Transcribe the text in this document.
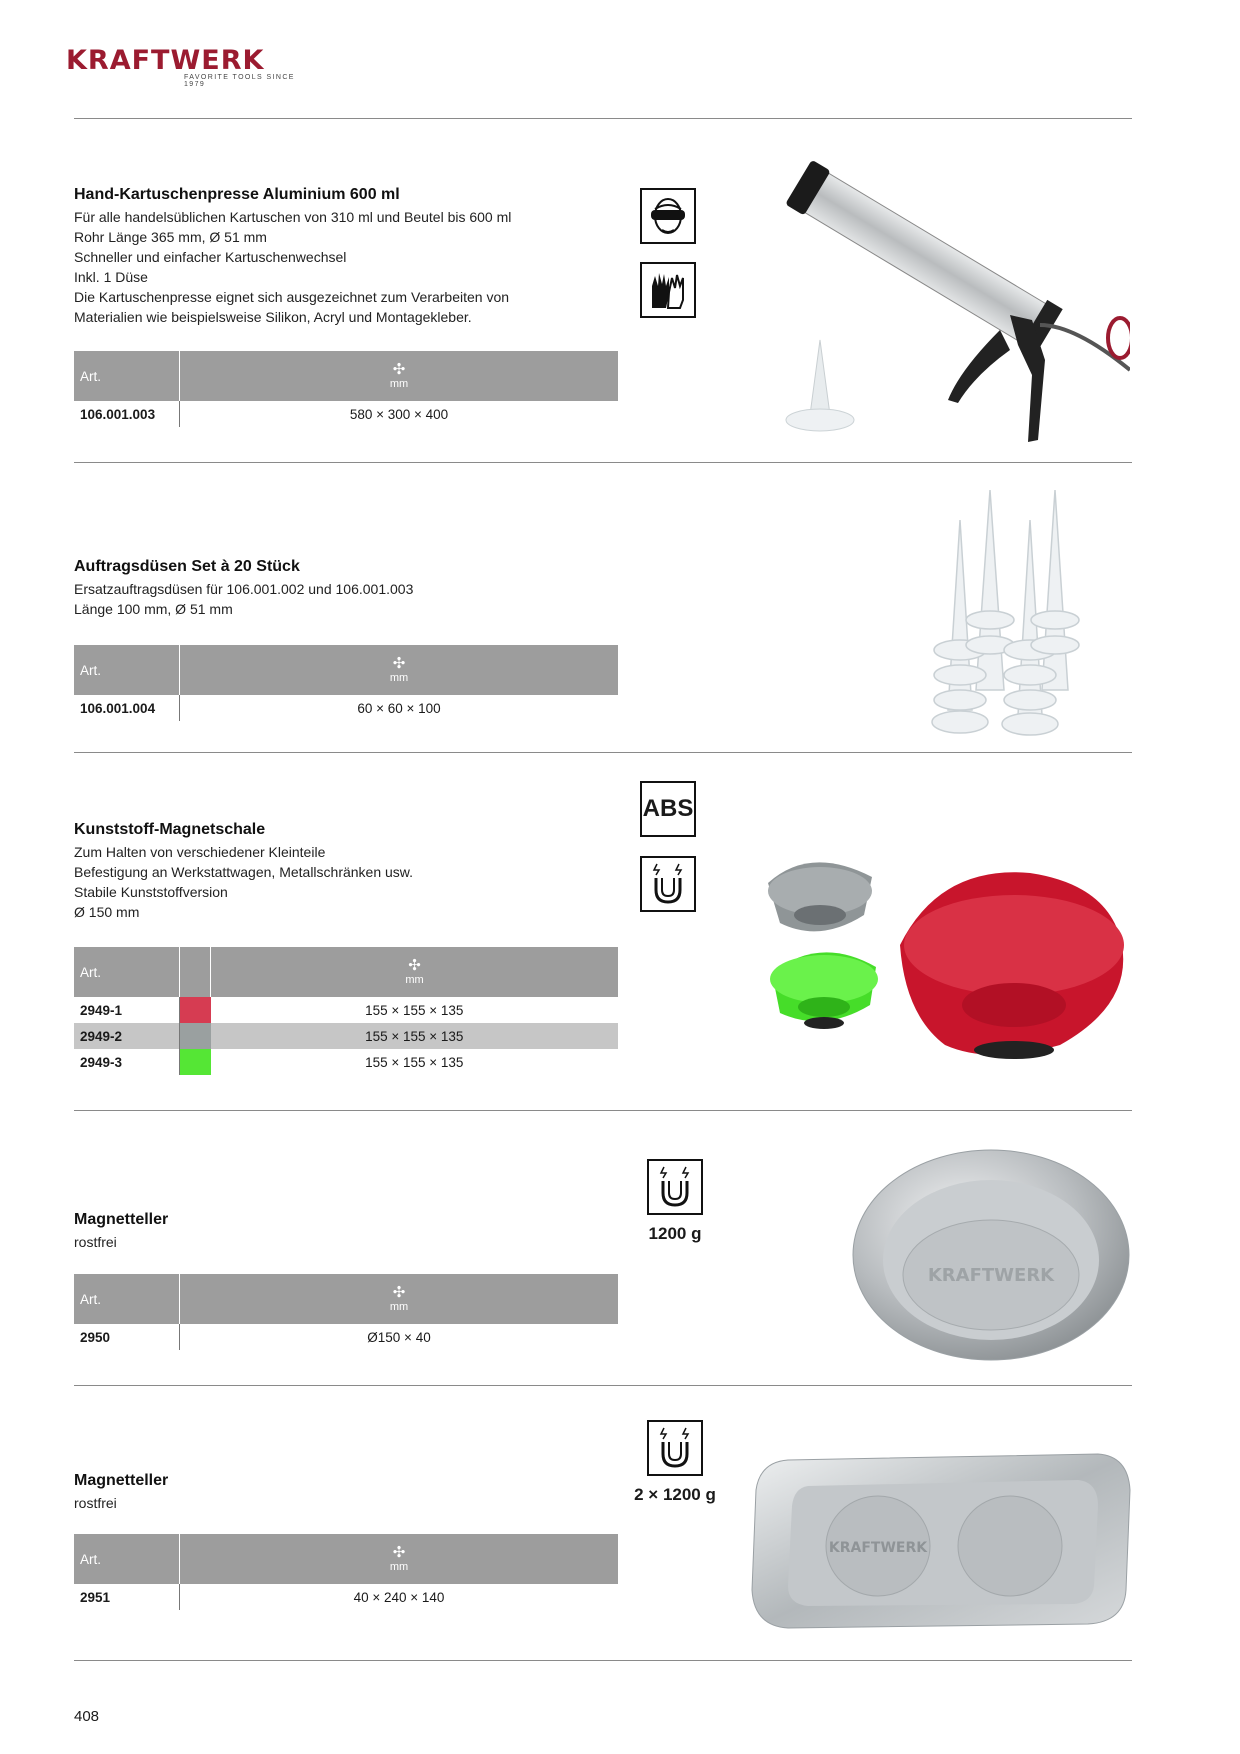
KRAFTWERK
FAVORITE TOOLS SINCE 1979
Hand-Kartuschenpresse Aluminium 600 ml
Für alle handelsüblichen Kartuschen von 310 ml und Beutel bis 600 ml
Rohr Länge 365 mm, Ø 51 mm
Schneller und einfacher Kartuschenwechsel
Inkl. 1 Düse
Die Kartuschenpresse eignet sich ausgezeichnet zum Verarbeiten von
Materialien wie beispielsweise Silikon, Acryl und Montagekleber.
Art.	✣
mm

106.001.003	580 × 300 × 400
Auftragsdüsen Set à 20 Stück
Ersatzauftragsdüsen für 106.001.002 und 106.001.003
Länge 100 mm, Ø 51 mm
Art.	✣
mm

106.001.004	60 × 60 × 100
Kunststoff-Magnetschale
Zum Halten von verschiedener Kleinteile
Befestigung an Werkstattwagen, Metallschränken usw.
Stabile Kunststoffversion
Ø 150 mm
Art.		✣
mm

2949-1		155 × 155 × 135
2949-2		155 × 155 × 135
2949-3		155 × 155 × 135
ABS
Magnetteller
rostfrei
Art.	✣
mm

2950	Ø150 × 40
1200 g
KRAFTWERK
Magnetteller
rostfrei
Art.	✣
mm

2951	40 × 240 × 140
2 × 1200 g
KRAFTWERK
408
